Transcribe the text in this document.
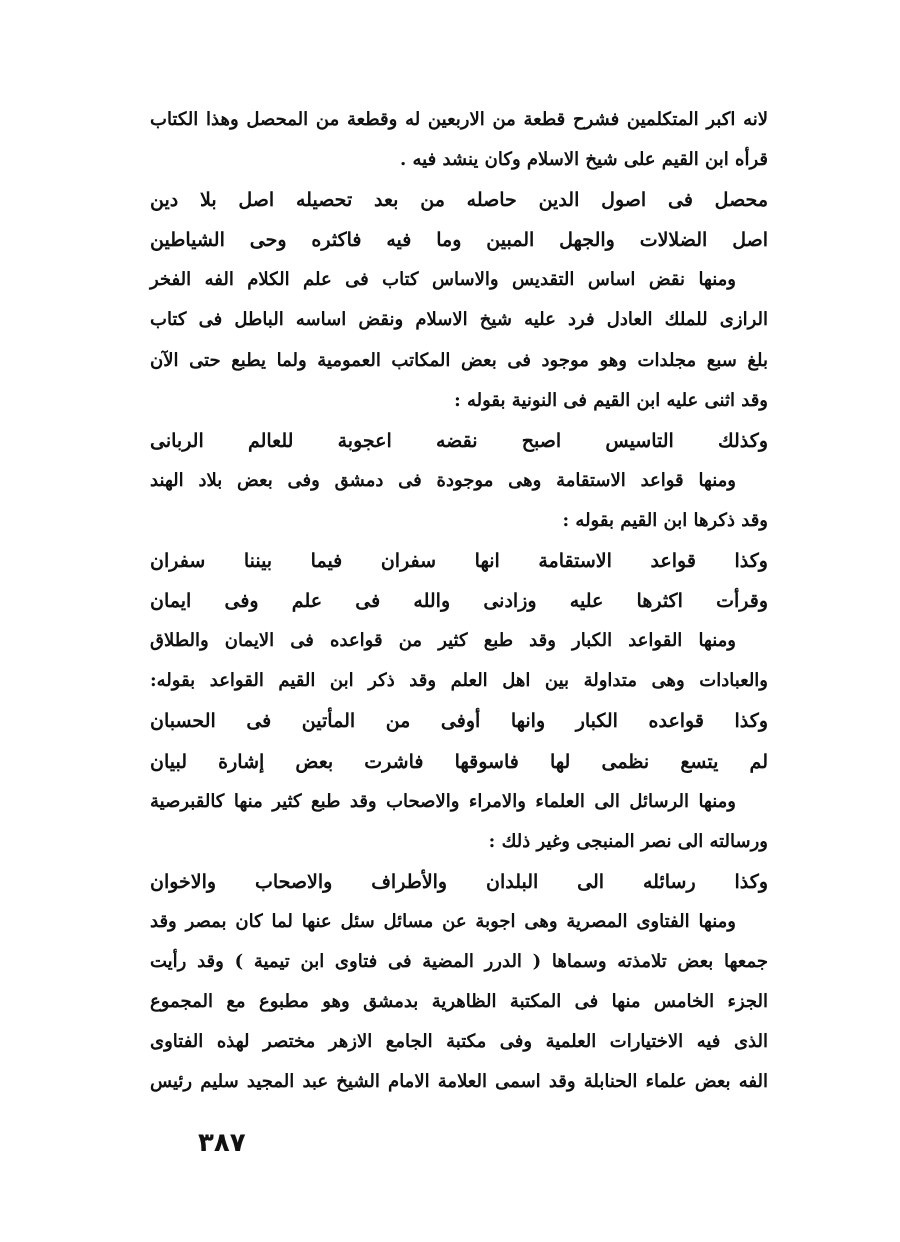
لانه اكبر المتكلمين فشرح قطعة من الاربعين له وقطعة من المحصل وهذا الكتاب
قرأه ابن القيم على شيخ الاسلام وكان ينشد فيه .
محصل فى اصول الدين حاصله من بعد تحصيله اصل بلا دين
اصل الضلالات والجهل المبين وما فيه فاكثره وحى الشياطين
ومنها نقض اساس التقديس والاساس كتاب فى علم الكلام الفه الفخر
الرازى للملك العادل فرد عليه شيخ الاسلام ونقض اساسه الباطل فى كتاب
بلغ سبع مجلدات وهو موجود فى بعض المكاتب العمومية ولما يطبع حتى الآن
وقد اثنى عليه ابن القيم فى النونية بقوله :
وكذلك التاسيس اصبح نقضه اعجوبة للعالم الربانى
ومنها قواعد الاستقامة وهى موجودة فى دمشق وفى بعض بلاد الهند
وقد ذكرها ابن القيم بقوله :
وكذا قواعد الاستقامة انها سفران فيما بيننا سفران
وقرأت اكثرها عليه وزادنى والله فى علم وفى ايمان
ومنها القواعد الكبار وقد طبع كثير من قواعده فى الايمان والطلاق
والعبادات وهى متداولة بين اهل العلم وقد ذكر ابن القيم القواعد بقوله:
وكذا قواعده الكبار وانها أوفى من المأتين فى الحسبان
لم يتسع نظمى لها فاسوقها فاشرت بعض إشارة لبيان
ومنها الرسائل الى العلماء والامراء والاصحاب وقد طبع كثير منها كالقبرصية
ورسالته الى نصر المنبجى وغير ذلك :
وكذا رسائله الى البلدان والأطراف والاصحاب والاخوان
ومنها الفتاوى المصرية وهى اجوبة عن مسائل سئل عنها لما كان بمصر وقد
جمعها بعض تلامذته وسماها ( الدرر المضية فى فتاوى ابن تيمية ) وقد رأيت
الجزء الخامس منها فى المكتبة الظاهرية بدمشق وهو مطبوع مع المجموع
الذى فيه الاختيارات العلمية وفى مكتبة الجامع الازهر مختصر لهذه الفتاوى
الفه بعض علماء الحنابلة وقد اسمى العلامة الامام الشيخ عبد المجيد سليم رئيس
٣٨٧
